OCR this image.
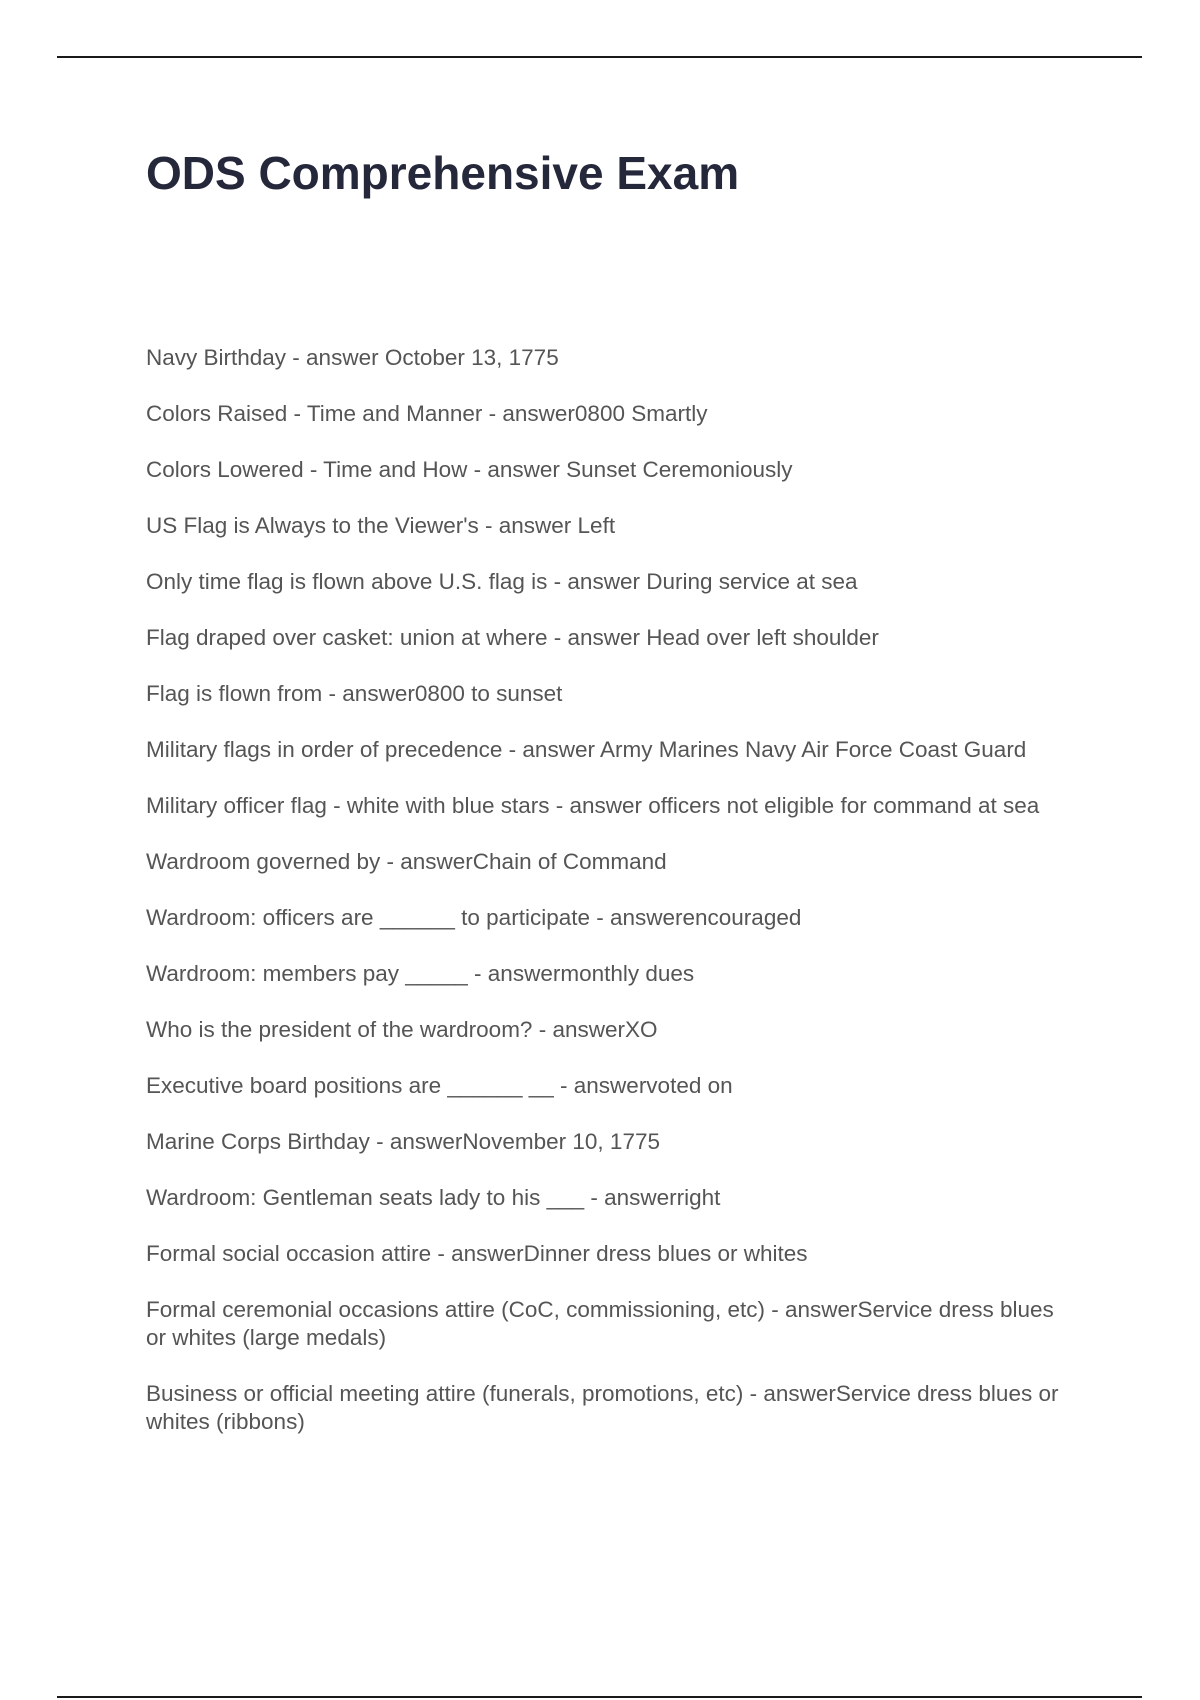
ODS Comprehensive Exam
Navy Birthday - answer October 13, 1775
Colors Raised - Time and Manner - answer0800 Smartly
Colors Lowered - Time and How - answer Sunset Ceremoniously
US Flag is Always to the Viewer's - answer Left
Only time flag is flown above U.S. flag is - answer During service at sea
Flag draped over casket: union at where - answer Head over left shoulder
Flag is flown from - answer0800 to sunset
Military flags in order of precedence - answer Army Marines Navy Air Force Coast Guard
Military officer flag - white with blue stars - answer officers not eligible for command at sea
Wardroom governed by - answerChain of Command
Wardroom: officers are ______ to participate - answerencouraged
Wardroom: members pay _____ - answermonthly dues
Who is the president of the wardroom? - answerXO
Executive board positions are ______ __ - answervoted on
Marine Corps Birthday - answerNovember 10, 1775
Wardroom: Gentleman seats lady to his ___ - answerright
Formal social occasion attire - answerDinner dress blues or whites
Formal ceremonial occasions attire (CoC, commissioning, etc) - answerService dress blues or whites (large medals)
Business or official meeting attire (funerals, promotions, etc) - answerService dress blues or whites (ribbons)
